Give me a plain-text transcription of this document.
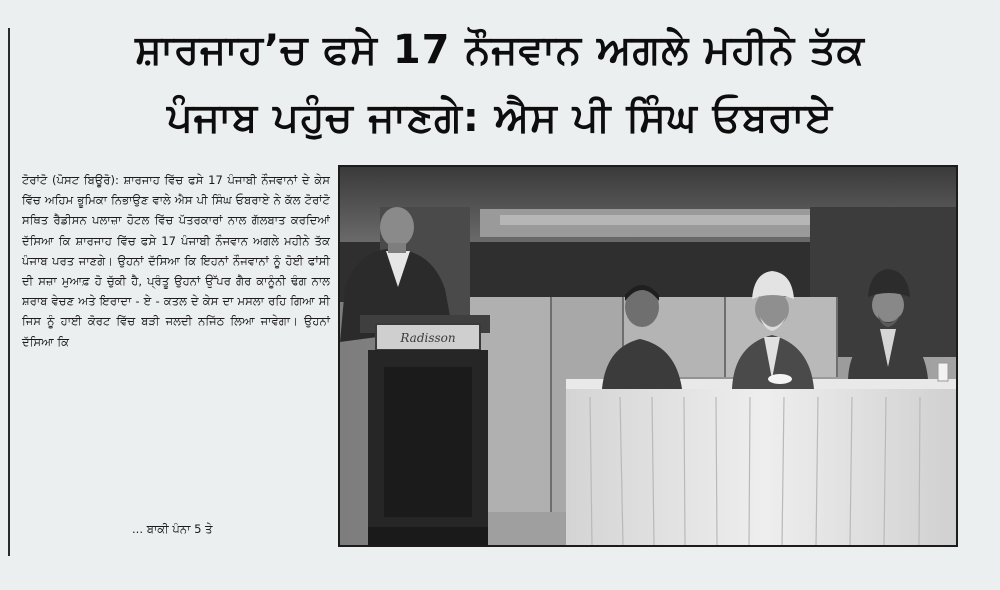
ਸ਼ਾਰਜਾਹ’ਚ ਫਸੇ 17 ਨੌਜਵਾਨ ਅਗਲੇ ਮਹੀਨੇ ਤੱਕ
ਪੰਜਾਬ ਪਹੁੰਚ ਜਾਣਗੇ: ਐਸ ਪੀ ਸਿੰਘ ਓਬਰਾਏ
ਟੋਰਾਂਟੋ (ਪੋਸਟ ਬਿਊਰੋ): ਸ਼ਾਰਜਾਹ ਵਿੱਚ ਫਸੇ 17 ਪੰਜਾਬੀ ਨੌਜਵਾਨਾਂ ਦੇ ਕੇਸ ਵਿੱਚ ਅਹਿਮ ਭੂਮਿਕਾ ਨਿਭਾਉਣ ਵਾਲੇ ਐਸ ਪੀ ਸਿੰਘ ਓਬਰਾਏ ਨੇ ਕੱਲ ਟੋਰਾਂਟੋ ਸਥਿਤ ਰੈਡੀਸਨ ਪਲਾਜ਼ਾ ਹੋਟਲ ਵਿੱਚ ਪੱਤਰਕਾਰਾਂ ਨਾਲ ਗੱਲਬਾਤ ਕਰਦਿਆਂ ਦੱਸਿਆ ਕਿ ਸ਼ਾਰਜਾਹ ਵਿੱਚ ਫਸੇ 17 ਪੰਜਾਬੀ ਨੌਜਵਾਨ ਅਗਲੇ ਮਹੀਨੇ ਤੱਕ ਪੰਜਾਬ ਪਰਤ ਜਾਣਗੇ। ਉਹਨਾਂ ਦੱਸਿਆ ਕਿ ਇਹਨਾਂ ਨੌਜਵਾਨਾਂ ਨੂੰ ਹੋਈ ਫਾਂਸੀ ਦੀ ਸਜ਼ਾ ਮੁਆਫ਼ ਹੋ ਚੁੱਕੀ ਹੈ, ਪ੍ਰੰਤੂ ਉਹਨਾਂ ਉੱਪਰ ਗੈਰ ਕਾਨੂੰਨੀ ਢੰਗ ਨਾਲ ਸ਼ਰਾਬ ਵੇਚਣ ਅਤੇ ਇਰਾਦਾ - ਏ - ਕਤਲ ਦੇ ਕੇਸ ਦਾ ਮਸਲਾ ਰਹਿ ਗਿਆ ਸੀ ਜਿਸ ਨੂੰ ਹਾਈ ਕੋਰਟ ਵਿੱਚ ਬੜੀ ਜਲਦੀ ਨਜਿੱਠ ਲਿਆ ਜਾਵੇਗਾ। ਉਹਨਾਂ ਦੱਸਿਆ ਕਿ
... ਬਾਕੀ ਪੰਨਾ 5 ਤੇ
Radisson
